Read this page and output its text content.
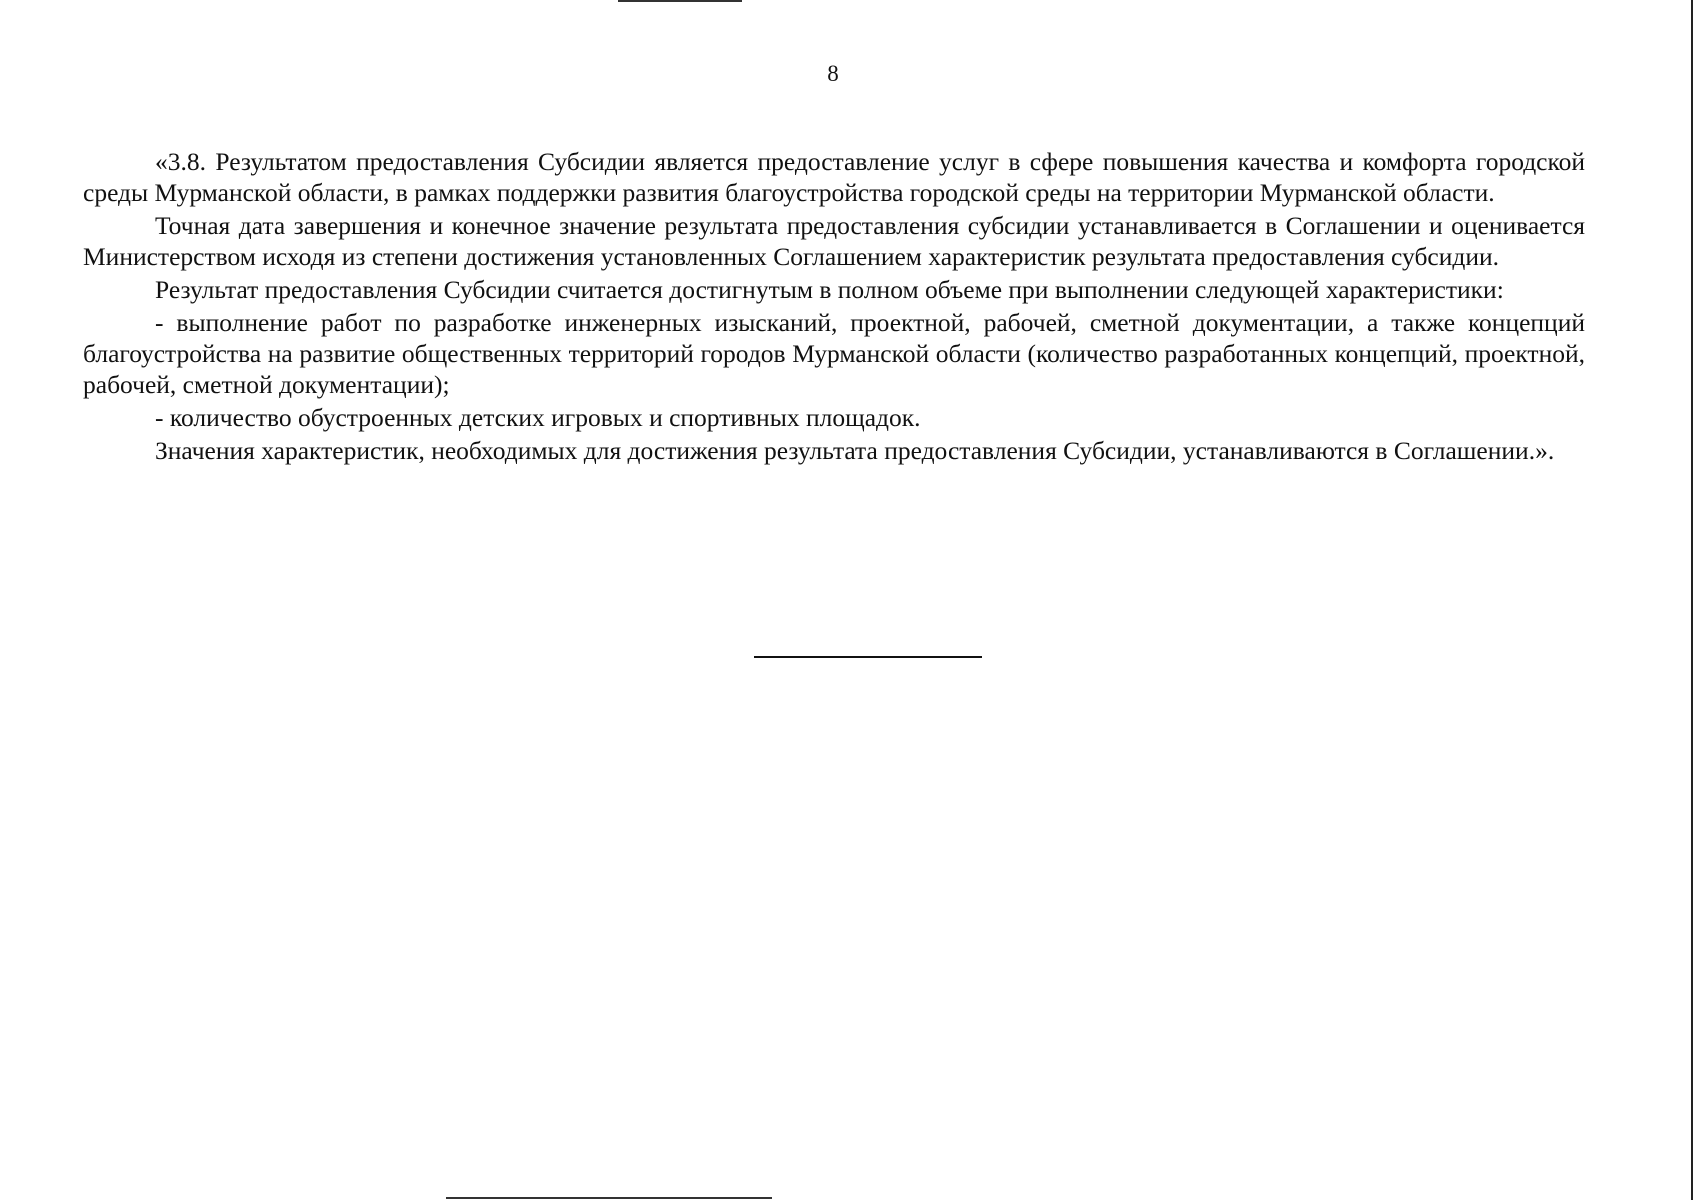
8

«3.8. Результатом предоставления Субсидии является предоставление услуг в сфере повышения качества и комфорта городской среды Мурманской области, в рамках поддержки развития благоустройства городской среды на территории Мурманской области.

Точная дата завершения и конечное значение результата предоставления субсидии устанавливается в Соглашении и оценивается Министерством исходя из степени достижения установленных Соглашением характеристик результата предоставления субсидии.

Результат предоставления Субсидии считается достигнутым в полном объеме при выполнении следующей характеристики:

- выполнение работ по разработке инженерных изысканий, проектной, рабочей, сметной документации, а также концепций благоустройства на развитие общественных территорий городов Мурманской области (количество разработанных концепций, проектной, рабочей, сметной документации);

- количество обустроенных детских игровых и спортивных площадок.

Значения характеристик, необходимых для достижения результата предоставления Субсидии, устанавливаются в Соглашении.».
